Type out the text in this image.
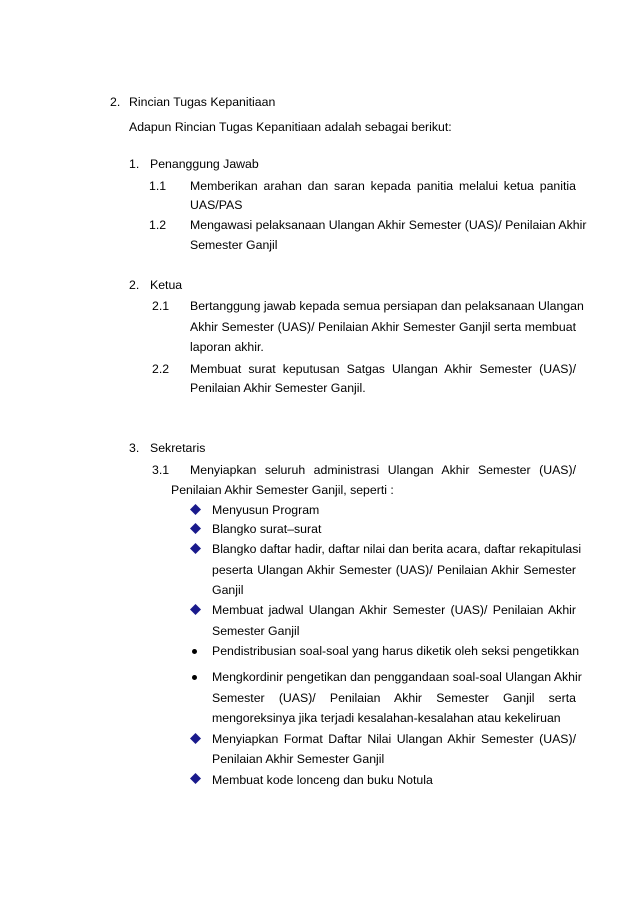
2. Rincian Tugas Kepanitiaan
Adapun Rincian Tugas Kepanitiaan adalah sebagai berikut:
1. Penanggung Jawab
1.1 Memberikan arahan dan saran kepada panitia melalui ketua panitia
UAS/PAS
1.2 Mengawasi pelaksanaan Ulangan Akhir Semester (UAS)/ Penilaian Akhir
Semester Ganjil
2. Ketua
2.1 Bertanggung jawab kepada semua persiapan dan pelaksanaan Ulangan
Akhir Semester (UAS)/ Penilaian Akhir Semester Ganjil serta membuat
laporan akhir.
2.2 Membuat surat keputusan Satgas Ulangan Akhir Semester (UAS)/
Penilaian Akhir Semester Ganjil.
3. Sekretaris
3.1 Menyiapkan seluruh administrasi Ulangan Akhir Semester (UAS)/
Penilaian Akhir Semester Ganjil, seperti :
Menyusun Program
Blangko surat–surat
Blangko daftar hadir, daftar nilai dan berita acara, daftar rekapitulasi
peserta Ulangan Akhir Semester (UAS)/ Penilaian Akhir Semester
Ganjil
Membuat jadwal Ulangan Akhir Semester (UAS)/ Penilaian Akhir
Semester Ganjil
Pendistribusian soal-soal yang harus diketik oleh seksi pengetikkan
Mengkordinir pengetikan dan penggandaan soal-soal Ulangan Akhir
Semester (UAS)/ Penilaian Akhir Semester Ganjil serta
mengoreksinya jika terjadi kesalahan-kesalahan atau kekeliruan
Menyiapkan Format Daftar Nilai Ulangan Akhir Semester (UAS)/
Penilaian Akhir Semester Ganjil
Membuat kode lonceng dan buku Notula
